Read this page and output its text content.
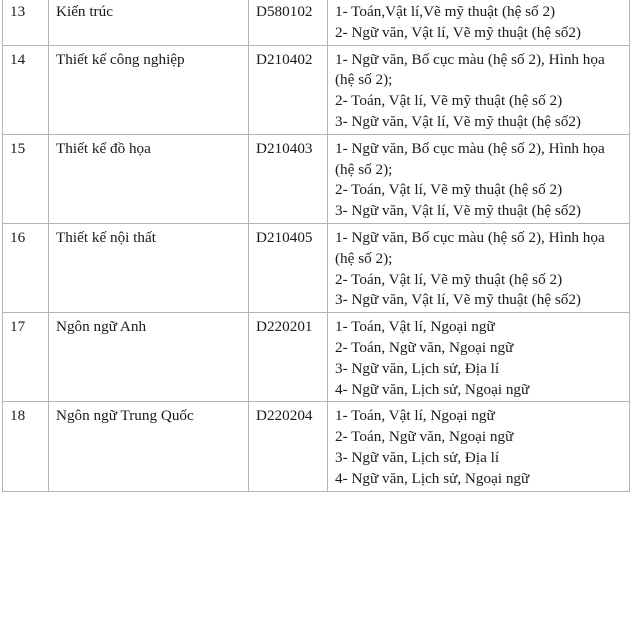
13	Kiến trúc	D580102	1- Toán,Vật lí,Vẽ mỹ thuật (hệ số 2)
2- Ngữ văn, Vật lí, Vẽ mỹ thuật (hệ số2)

14	Thiết kế công nghiệp	D210402	1- Ngữ văn, Bố cục màu (hệ số 2), Hình họa (hệ số 2);
2- Toán, Vật lí, Vẽ mỹ thuật (hệ số 2)
3- Ngữ văn, Vật lí, Vẽ mỹ thuật (hệ số2)

15	Thiết kế đồ họa	D210403	1- Ngữ văn, Bố cục màu (hệ số 2), Hình họa (hệ số 2);
2- Toán, Vật lí, Vẽ mỹ thuật (hệ số 2)
3- Ngữ văn, Vật lí, Vẽ mỹ thuật (hệ số2)

16	Thiết kế nội thất	D210405	1- Ngữ văn, Bố cục màu (hệ số 2), Hình họa (hệ số 2);
2- Toán, Vật lí, Vẽ mỹ thuật (hệ số 2)
3- Ngữ văn, Vật lí, Vẽ mỹ thuật (hệ số2)

17	Ngôn ngữ Anh	D220201	1- Toán, Vật lí, Ngoại ngữ
2- Toán, Ngữ văn, Ngoại ngữ
3- Ngữ văn, Lịch sử, Địa lí
4- Ngữ văn, Lịch sử, Ngoại ngữ

18	Ngôn ngữ Trung Quốc	D220204	1- Toán, Vật lí, Ngoại ngữ
2- Toán, Ngữ văn, Ngoại ngữ
3- Ngữ văn, Lịch sử, Địa lí
4- Ngữ văn, Lịch sử, Ngoại ngữ
